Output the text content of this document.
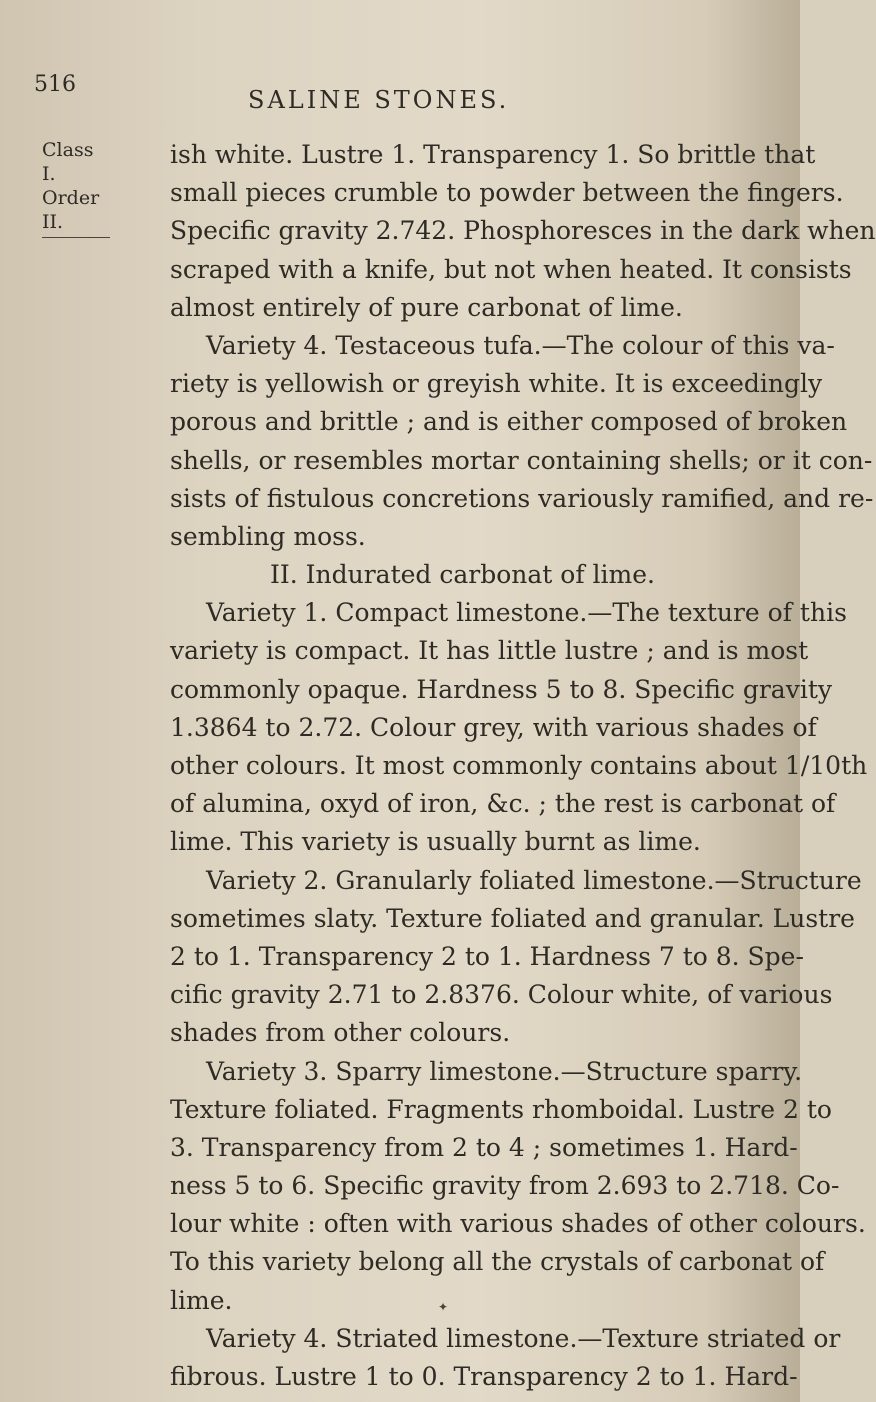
516
SALINE STONES.
Class I.
Order II.
ish white. Lustre 1. Transparency 1. So brittle that
small pieces crumble to powder between the fingers.
Specific gravity 2.742. Phosphoresces in the dark when
scraped with a knife, but not when heated. It consists
almost entirely of pure carbonat of lime.
Variety 4. Testaceous tufa.—The colour of this va-
riety is yellowish or greyish white. It is exceedingly
porous and brittle ; and is either composed of broken
shells, or resembles mortar containing shells; or it con-
sists of fistulous concretions variously ramified, and re-
sembling moss.
II. Indurated carbonat of lime.
Variety 1. Compact limestone.—The texture of this
variety is compact. It has little lustre ; and is most
commonly opaque. Hardness 5 to 8. Specific gravity
1.3864 to 2.72. Colour grey, with various shades of
other colours. It most commonly contains about 1/10th
of alumina, oxyd of iron, &c. ; the rest is carbonat of
lime. This variety is usually burnt as lime.
Variety 2. Granularly foliated limestone.—Structure
sometimes slaty. Texture foliated and granular. Lustre
2 to 1. Transparency 2 to 1. Hardness 7 to 8. Spe-
cific gravity 2.71 to 2.8376. Colour white, of various
shades from other colours.
Variety 3. Sparry limestone.—Structure sparry.
Texture foliated. Fragments rhomboidal. Lustre 2 to
3. Transparency from 2 to 4 ; sometimes 1. Hard-
ness 5 to 6. Specific gravity from 2.693 to 2.718. Co-
lour white : often with various shades of other colours.
To this variety belong all the crystals of carbonat of
lime.
Variety 4. Striated limestone.—Texture striated or
fibrous. Lustre 1 to 0. Transparency 2 to 1. Hard-
✦
